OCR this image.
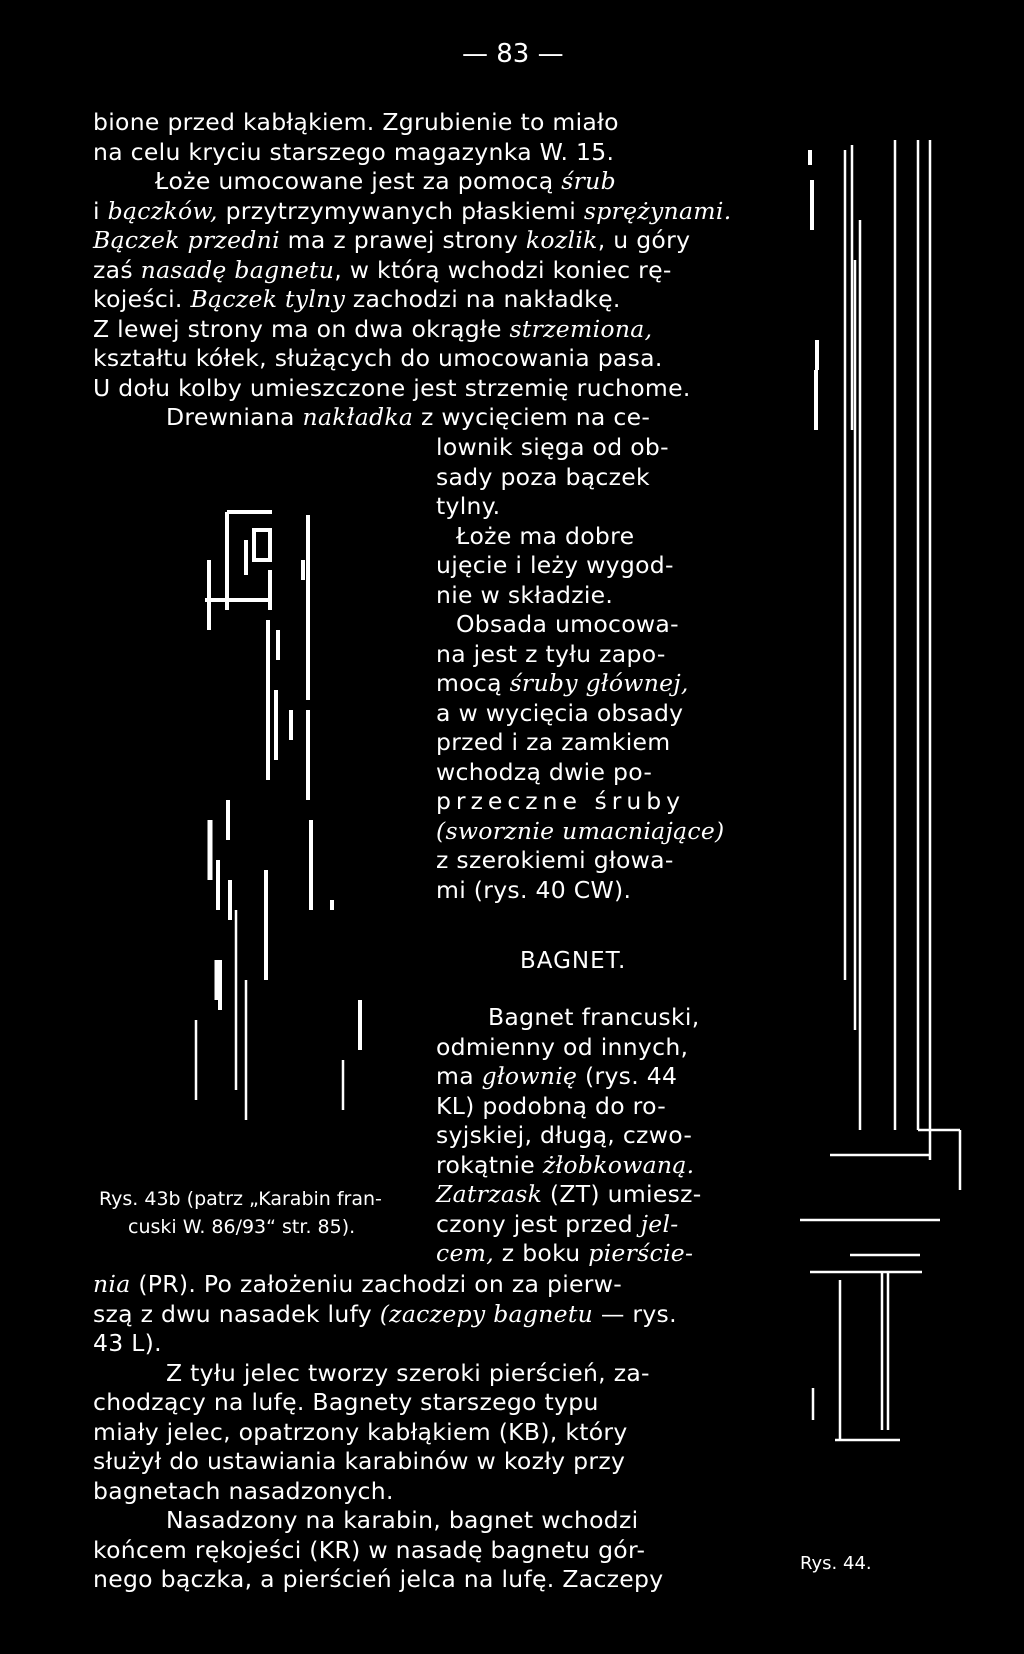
— 83 —
bione przed kabłąkiem. Zgrubienie to miało
na celu kryciu starszego magazynka W. 15.
Łoże umocowane jest za pomocą śrub
i bączków, przytrzymywanych płaskiemi sprężynami.
Bączek przedni ma z prawej strony kozlik, u góry
zaś nasadę bagnetu, w którą wchodzi koniec rę-
kojeści. Bączek tylny zachodzi na nakładkę.
Z lewej strony ma on dwa okrągłe strzemiona,
kształtu kółek, służących do umocowania pasa.
U dołu kolby umieszczone jest strzemię ruchome.
Drewniana nakładka z wycięciem na ce-
lownik sięga od ob-
sady poza bączek
tylny.
Łoże ma dobre
ujęcie i leży wygod-
nie w składzie.
Obsada umocowa-
na jest z tyłu zapo-
mocą śruby głównej,
a w wycięcia obsady
przed i za zamkiem
wchodzą dwie po-
przeczne śruby
(sworznie umacniające)
z szerokiemi głowa-
mi (rys. 40 CW).
BAGNET.
Bagnet francuski,
odmienny od innych,
ma głownię (rys. 44
KL) podobną do ro-
syjskiej, długą, czwo-
rokątnie żłobkowaną.
Zatrzask (ZT) umiesz-
czony jest przed jel-
cem, z boku pierście-
nia (PR). Po założeniu zachodzi on za pierw-
szą z dwu nasadek lufy (zaczepy bagnetu — rys.
43 L).
Z tyłu jelec tworzy szeroki pierścień, za-
chodzący na lufę. Bagnety starszego typu
miały jelec, opatrzony kabłąkiem (KB), który
służył do ustawiania karabinów w kozły przy
bagnetach nasadzonych.
Nasadzony na karabin, bagnet wchodzi
końcem rękojeści (KR) w nasadę bagnetu gór-
nego bączka, a pierścień jelca na lufę. Zaczepy
Rys. 43b (patrz „Karabin fran-
cuski W. 86/93“ str. 85).
Rys. 44.
